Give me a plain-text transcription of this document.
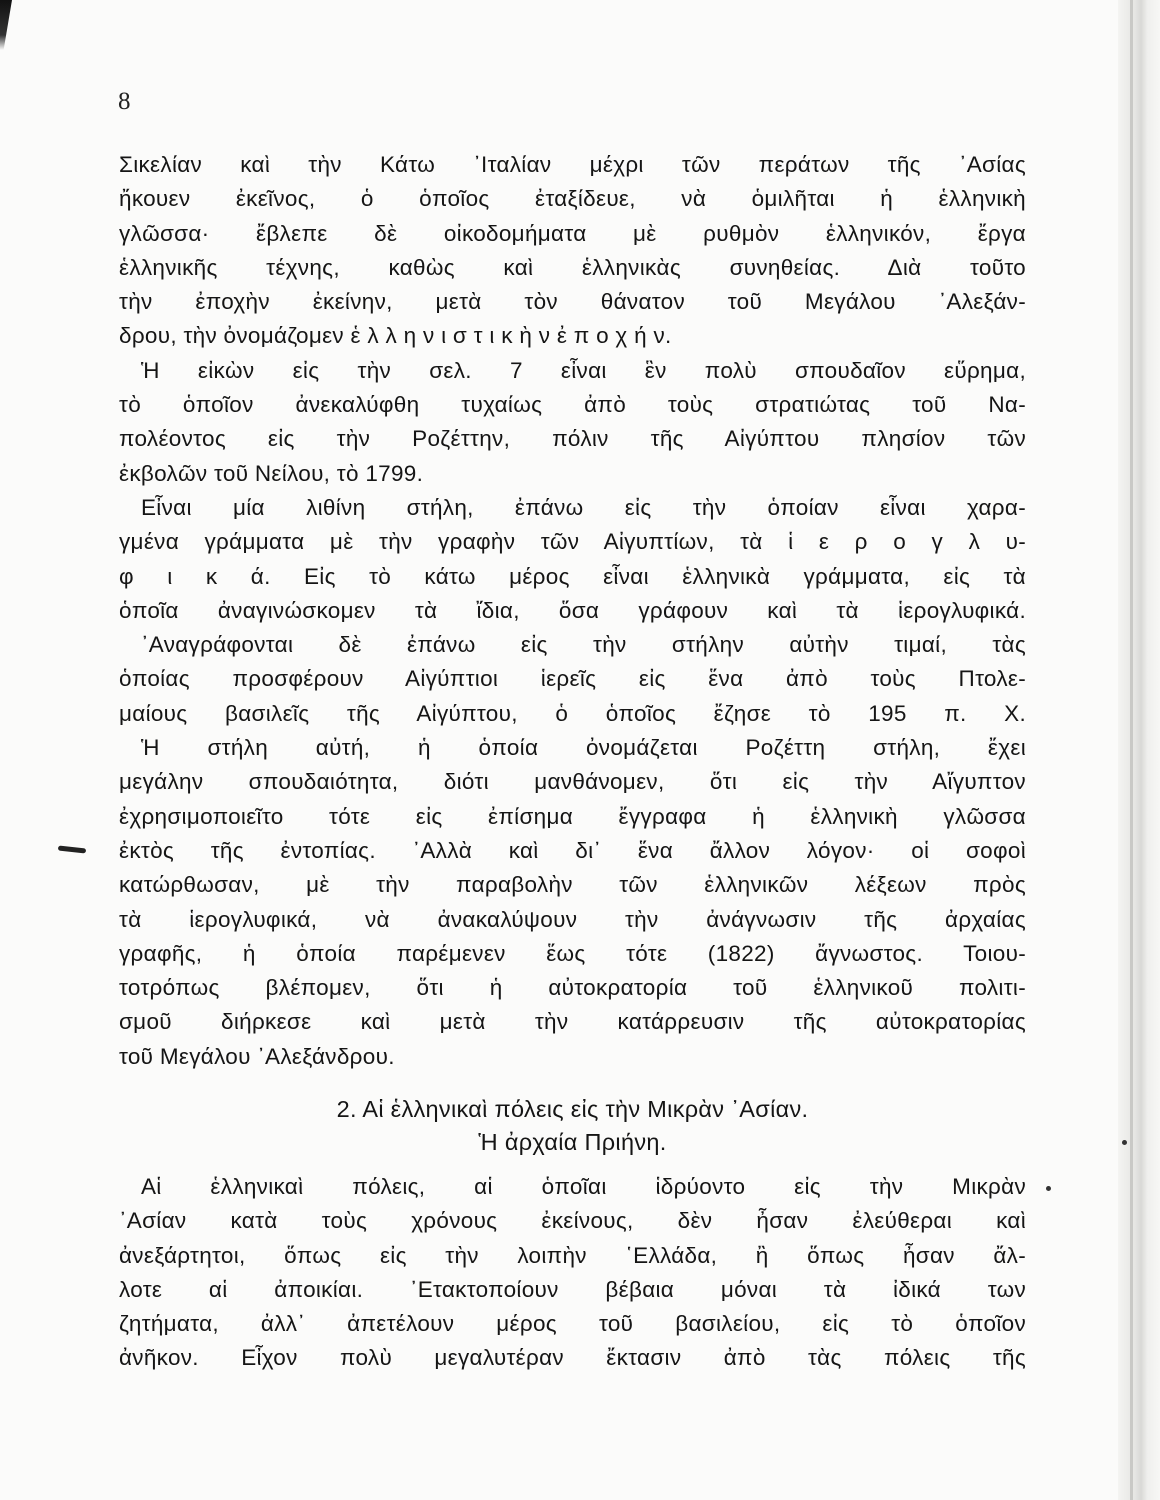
8
Σικελίαν καὶ τὴν Κάτω ᾿Ιταλίαν μέχρι τῶν περάτων τῆς ᾿Ασίας
ἤκουεν ἐκεῖνος, ὁ ὁποῖος ἐταξίδευε, νὰ ὁμιλῆται ἡ ἑλληνικὴ
γλῶσσα· ἔβλεπε δὲ οἰκοδομήματα μὲ ρυθμὸν ἑλληνικόν, ἔργα
ἑλληνικῆς τέχνης, καθὼς καὶ ἑλληνικὰς συνηθείας. Διὰ τοῦτο
τὴν ἐποχὴν ἐκείνην, μετὰ τὸν θάνατον τοῦ Μεγάλου ᾿Αλεξάν-
δρου, τὴν ὀνομάζομεν ἑ λ λ η ν ι σ τ ι κ ὴ ν ἐ π ο χ ή ν.
Ἡ εἰκὼν εἰς τὴν σελ. 7 εἶναι ἓν πολὺ σπουδαῖον εὕρημα,
τὸ ὁποῖον ἀνεκαλύφθη τυχαίως ἀπὸ τοὺς στρατιώτας τοῦ Να-
πολέοντος εἰς τὴν Ροζέττην, πόλιν τῆς Αἰγύπτου πλησίον τῶν
ἐκβολῶν τοῦ Νείλου, τὸ 1799.
Εἶναι μία λιθίνη στήλη, ἐπάνω εἰς τὴν ὁποίαν εἶναι χαρα-
γμένα γράμματα μὲ τὴν γραφὴν τῶν Αἰγυπτίων, τὰ ἱ ε ρ ο γ λ υ-
φ ι κ ά. Εἰς τὸ κάτω μέρος εἶναι ἑλληνικὰ γράμματα, εἰς τὰ
ὁποῖα ἀναγινώσκομεν τὰ ἴδια, ὅσα γράφουν καὶ τὰ ἱερογλυφικά.
᾿Αναγράφονται δὲ ἐπάνω εἰς τὴν στήλην αὐτὴν τιμαί, τὰς
ὁποίας προσφέρουν Αἰγύπτιοι ἱερεῖς εἰς ἕνα ἀπὸ τοὺς Πτολε-
μαίους βασιλεῖς τῆς Αἰγύπτου, ὁ ὁποῖος ἔζησε τὸ 195 π. Χ.
Ἡ στήλη αὐτή, ἡ ὁποία ὀνομάζεται Ροζέττη στήλη, ἔχει
μεγάλην σπουδαιότητα, διότι μανθάνομεν, ὅτι εἰς τὴν Αἴγυπτον
ἐχρησιμοποιεῖτο τότε εἰς ἐπίσημα ἔγγραφα ἡ ἑλληνικὴ γλῶσσα
ἐκτὸς τῆς ἐντοπίας. ᾿Αλλὰ καὶ δι᾿ ἕνα ἄλλον λόγον· οἱ σοφοὶ
κατώρθωσαν, μὲ τὴν παραβολὴν τῶν ἑλληνικῶν λέξεων πρὸς
τὰ ἱερογλυφικά, νὰ ἀνακαλύψουν τὴν ἀνάγνωσιν τῆς ἀρχαίας
γραφῆς, ἡ ὁποία παρέμενεν ἕως τότε (1822) ἄγνωστος. Τοιου-
τοτρόπως βλέπομεν, ὅτι ἡ αὐτοκρατορία τοῦ ἑλληνικοῦ πολιτι-
σμοῦ διήρκεσε καὶ μετὰ τὴν κατάρρευσιν τῆς αὐτοκρατορίας
τοῦ Μεγάλου ᾿Αλεξάνδρου.
2. Αἱ ἑλληνικαὶ πόλεις εἰς τὴν Μικρὰν ᾿Ασίαν.
Ἡ ἀρχαία Πριήνη.
Αἱ ἑλληνικαὶ πόλεις, αἱ ὁποῖαι ἱδρύοντο εἰς τὴν Μικρὰν
᾿Ασίαν κατὰ τοὺς χρόνους ἐκείνους, δὲν ἦσαν ἐλεύθεραι καὶ
ἀνεξάρτητοι, ὅπως εἰς τὴν λοιπὴν ῾Ελλάδα, ἢ ὅπως ἦσαν ἄλ-
λοτε αἱ ἀποικίαι. ᾿Ετακτοποίουν βέβαια μόναι τὰ ἰδικά των
ζητήματα, ἀλλ᾿ ἀπετέλουν μέρος τοῦ βασιλείου, εἰς τὸ ὁποῖον
ἀνῆκον. Εἶχον πολὺ μεγαλυτέραν ἔκτασιν ἀπὸ τὰς πόλεις τῆς
